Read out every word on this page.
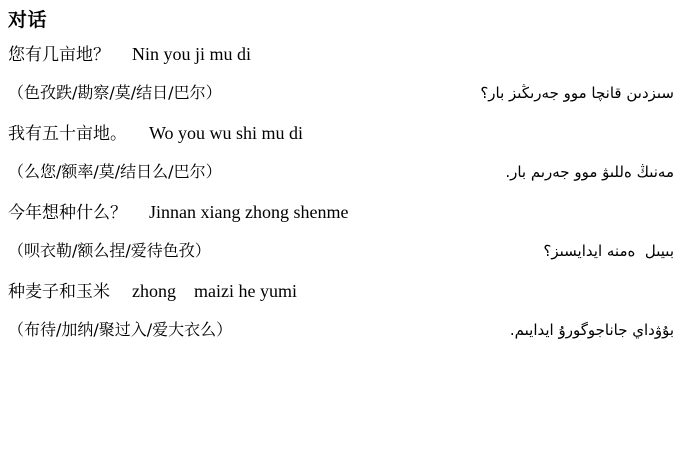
对话
您有几亩地？ Nin you ji mu di
（色孜跌/勘察/莫/结日/巴尔）	سىزدىن قانچا موو جەرىڭىز بار؟
我有五十亩地。 Wo you wu shi mu di
（么您/额率/莫/结日么/巴尔）	مەنىڭ ەللىۋ موو جەرىم بار.
今年想种什么？ Jinnan xiang zhong shenme
（呗衣勒/额么捏/爱待色孜）	بىيىل  ەمنە ايدايسىز؟
种麦子和玉米 zhong    maizi he yumi
（布待/加纳/聚过入/爱大衣么）	بۇۋداي جاناجوگورۇ ايدايىم.
